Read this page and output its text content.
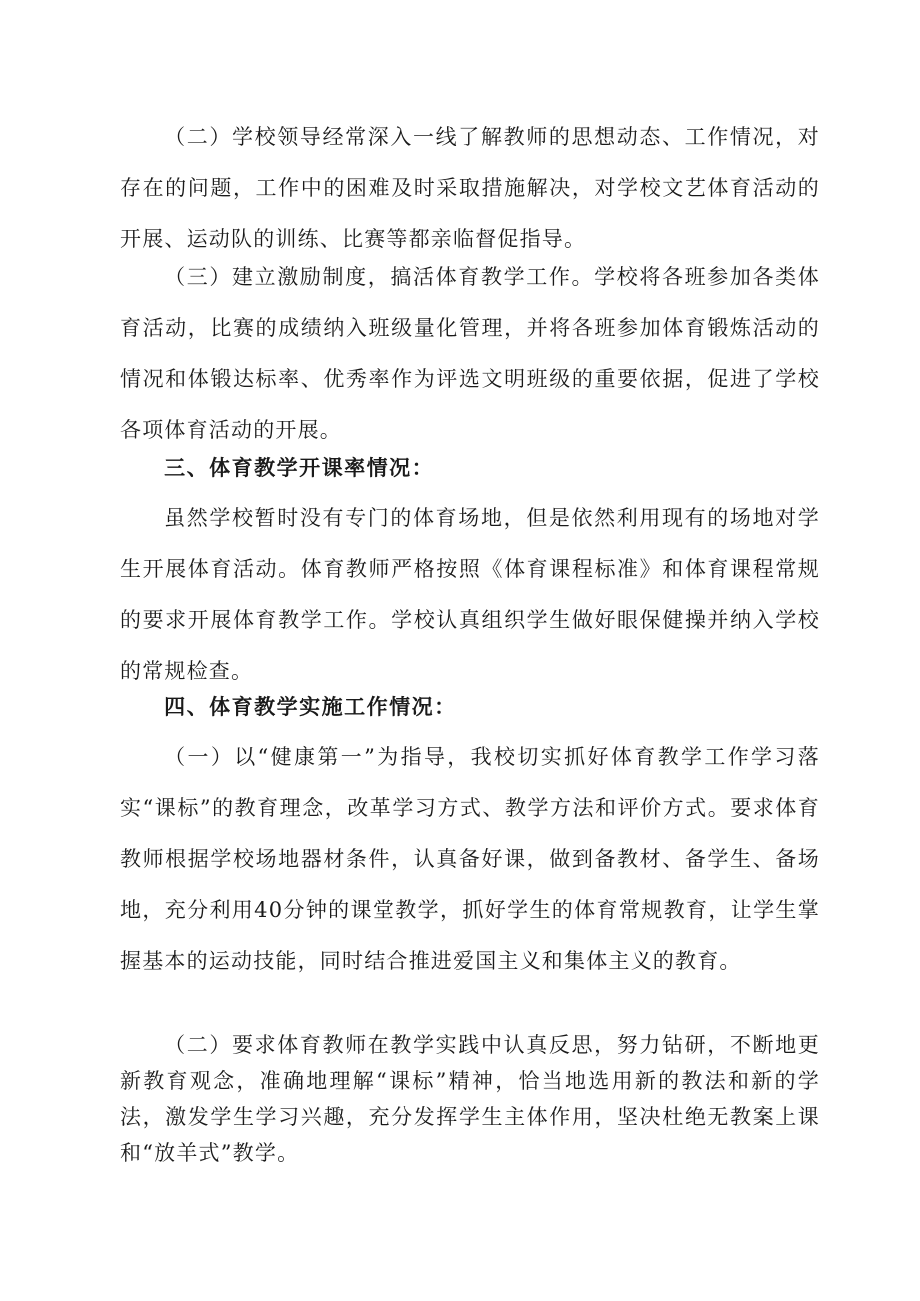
（二）学校领导经常深入一线了解教师的思想动态、工作情况，对存在的问题，工作中的困难及时采取措施解决，对学校文艺体育活动的开展、运动队的训练、比赛等都亲临督促指导。

（三）建立激励制度，搞活体育教学工作。学校将各班参加各类体育活动，比赛的成绩纳入班级量化管理，并将各班参加体育锻炼活动的情况和体锻达标率、优秀率作为评选文明班级的重要依据，促进了学校各项体育活动的开展。

三、体育教学开课率情况：

虽然学校暂时没有专门的体育场地，但是依然利用现有的场地对学生开展体育活动。体育教师严格按照《体育课程标准》和体育课程常规的要求开展体育教学工作。学校认真组织学生做好眼保健操并纳入学校的常规检查。

四、体育教学实施工作情况：

（一）以“健康第一”为指导，我校切实抓好体育教学工作学习落实“课标”的教育理念，改革学习方式、教学方法和评价方式。要求体育教师根据学校场地器材条件，认真备好课，做到备教材、备学生、备场地，充分利用40分钟的课堂教学，抓好学生的体育常规教育，让学生掌握基本的运动技能，同时结合推进爱国主义和集体主义的教育。

（二）要求体育教师在教学实践中认真反思，努力钻研，不断地更新教育观念，准确地理解“课标”精神，恰当地选用新的教法和新的学法，激发学生学习兴趣，充分发挥学生主体作用，坚决杜绝无教案上课和“放羊式”教学。
